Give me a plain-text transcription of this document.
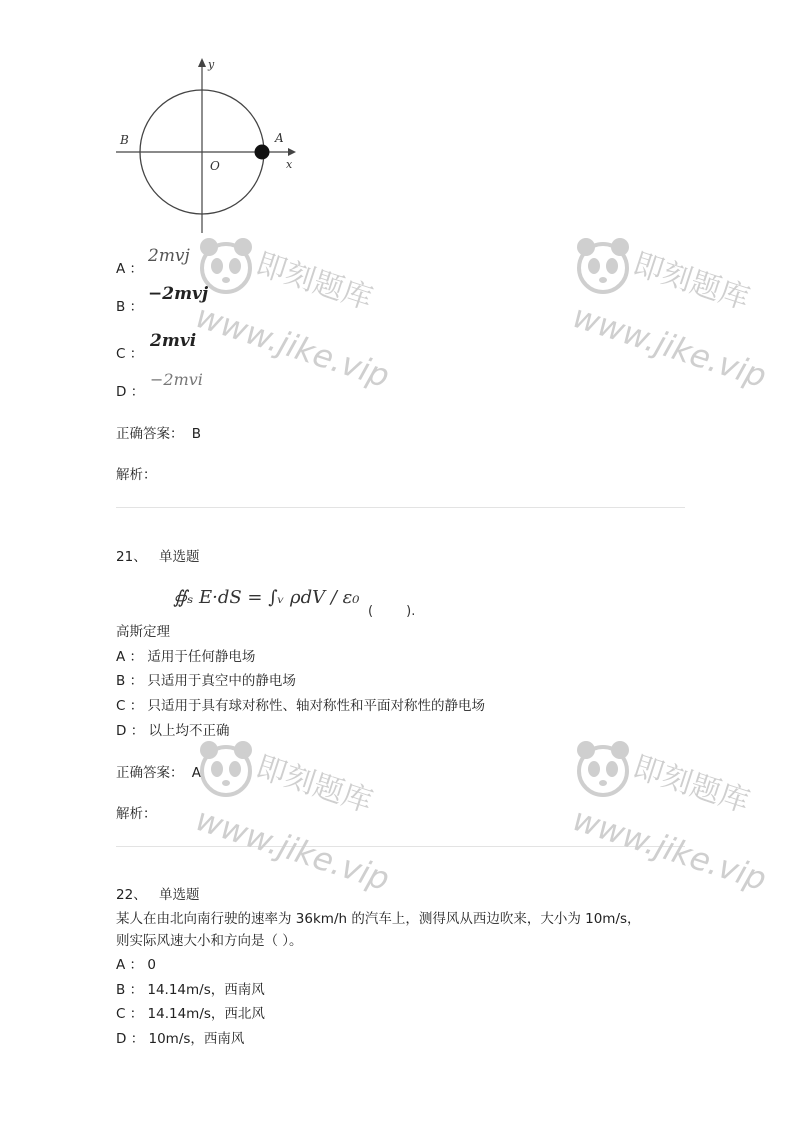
y
x
A
B
O
A ：
2mvj
B ：
−2mvj
C ：
2mvi
D ：
−2mvi
正确答案： B
解析：
21、 单选题
∯ₛ E·dS = ∫ᵥ ρdV / ε₀
(        ).
高斯定理
A ： 适用于任何静电场
B ： 只适用于真空中的静电场
C ： 只适用于具有球对称性、轴对称性和平面对称性的静电场
D ： 以上均不正确
正确答案： A
解析：
22、 单选题
某人在由北向南行驶的速率为 36km/h 的汽车上，测得风从西边吹来，大小为 10m/s，
则实际风速大小和方向是（ ）。
A ： 0
B ： 14.14m/s，西南风
C ： 14.14m/s，西北风
D ： 10m/s，西南风
即刻题库
www.jike.vip
即刻题库
www.jike.vip
即刻题库
www.jike.vip
即刻题库
www.jike.vip
